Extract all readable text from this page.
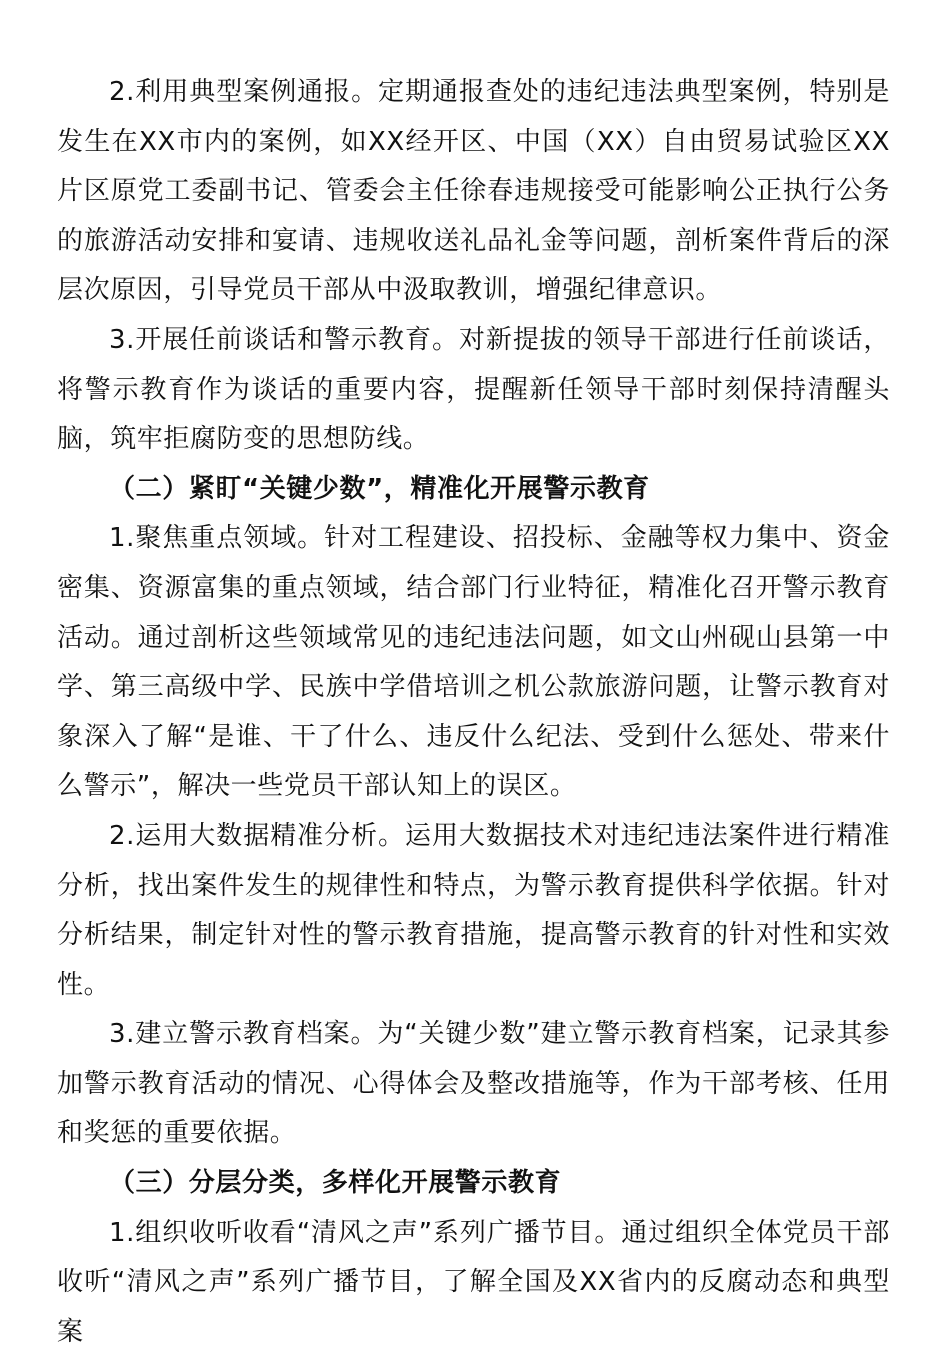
2.利用典型案例通报。定期通报查处的违纪违法典型案例，特别是发生在XX市内的案例，如XX经开区、中国（XX）自由贸易试验区XX片区原党工委副书记、管委会主任徐春违规接受可能影响公正执行公务的旅游活动安排和宴请、违规收送礼品礼金等问题，剖析案件背后的深层次原因，引导党员干部从中汲取教训，增强纪律意识。

3.开展任前谈话和警示教育。对新提拔的领导干部进行任前谈话，将警示教育作为谈话的重要内容，提醒新任领导干部时刻保持清醒头脑，筑牢拒腐防变的思想防线。

（二）紧盯“关键少数”，精准化开展警示教育

1.聚焦重点领域。针对工程建设、招投标、金融等权力集中、资金密集、资源富集的重点领域，结合部门行业特征，精准化召开警示教育活动。通过剖析这些领域常见的违纪违法问题，如文山州砚山县第一中学、第三高级中学、民族中学借培训之机公款旅游问题，让警示教育对象深入了解“是谁、干了什么、违反什么纪法、受到什么惩处、带来什么警示”，解决一些党员干部认知上的误区。

2.运用大数据精准分析。运用大数据技术对违纪违法案件进行精准分析，找出案件发生的规律性和特点，为警示教育提供科学依据。针对分析结果，制定针对性的警示教育措施，提高警示教育的针对性和实效性。

3.建立警示教育档案。为“关键少数”建立警示教育档案，记录其参加警示教育活动的情况、心得体会及整改措施等，作为干部考核、任用和奖惩的重要依据。

（三）分层分类，多样化开展警示教育

1.组织收听收看“清风之声”系列广播节目。通过组织全体党员干部收听“清风之声”系列广播节目，了解全国及XX省内的反腐动态和典型案
